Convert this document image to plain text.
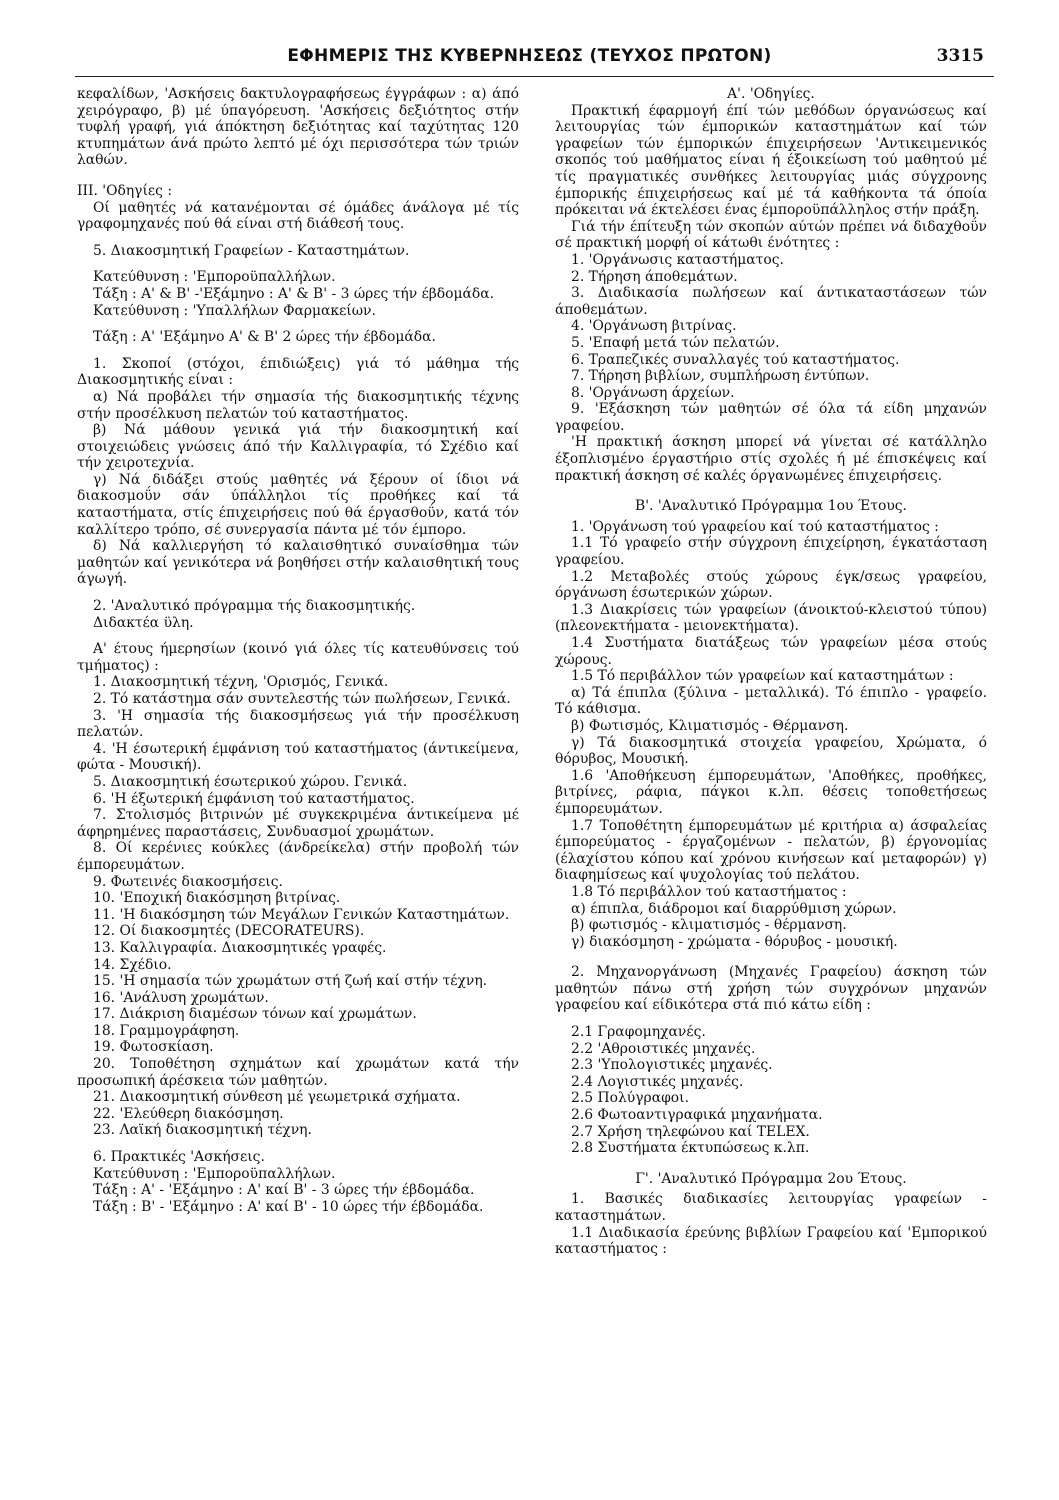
ΕΦΗΜΕΡΙΣ ΤΗΣ ΚΥΒΕΡΝΗΣΕΩΣ (ΤΕΥΧΟΣ ΠΡΩΤΟΝ)	3315

κεφαλίδων, 'Ασκήσεις δακτυλογραφήσεως έγγράφων : α) άπό χειρόγραφο, β) μέ ύπαγόρευση. 'Ασκήσεις δεξιότητος στήν τυφλή γραφή, γιά άπόκτηση δεξιότητας καί ταχύτητας 120 κτυπημάτων άνά πρώτο λεπτό μέ όχι περισσότερα τών τριών λαθών.

ΙΙΙ. 'Οδηγίες :

Οί μαθητές νά κατανέμονται σέ όμάδες άνάλογα μέ τίς γραφομηχανές πού θά είναι στή διάθεσή τους.

5. Διακοσμητική Γραφείων - Καταστημάτων.

Κατεύθυνση : 'Εμποροϋπαλλήλων.

Τάξη : Α' & Β' -'Εξάμηνο : Α' & Β' - 3 ώρες τήν έβδομάδα.

Κατεύθυνση : 'Υπαλλήλων Φαρμακείων.

Τάξη : Α' 'Εξάμηνο Α' & Β' 2 ώρες τήν έβδομάδα.

1. Σκοποί (στόχοι, έπιδιώξεις) γιά τό μάθημα τής Διακοσμητικής είναι :

α) Νά προβάλει τήν σημασία τής διακοσμητικής τέχνης στήν προσέλκυση πελατών τού καταστήματος.

β) Νά μάθουν γενικά γιά τήν διακοσμητική καί στοιχειώδεις γνώσεις άπό τήν Καλλιγραφία, τό Σχέδιο καί τήν χειροτεχνία.

γ) Νά διδάξει στούς μαθητές νά ξέρουν οί ίδιοι νά διακοσμοΰν σάν ύπάλληλοι τίς προθήκες καί τά καταστήματα, στίς έπιχειρήσεις πού θά έργασθοΰν, κατά τόν καλλίτερο τρόπο, σέ συνεργασία πάντα μέ τόν έμπορο.

δ) Νά καλλιεργήση τό καλαισθητικό συναίσθημα τών μαθητών καί γενικότερα νά βοηθήσει στήν καλαισθητική τους άγωγή.

2. 'Αναλυτικό πρόγραμμα τής διακοσμητικής.

Διδακτέα ϋλη.

Α' έτους ήμερησίων (κοινό γιά όλες τίς κατευθύνσεις τού τμήματος) :

1. Διακοσμητική τέχνη, 'Ορισμός, Γενικά.

2. Τό κατάστημα σάν συντελεστής τών πωλήσεων, Γενικά.

3. 'Η σημασία τής διακοσμήσεως γιά τήν προσέλκυση πελατών.

4. 'Η έσωτερική έμφάνιση τού καταστήματος (άντικείμενα, φώτα - Μουσική).

5. Διακοσμητική έσωτερικού χώρου. Γενικά.

6. 'Η έξωτερική έμφάνιση τού καταστήματος.

7. Στολισμός βιτρινών μέ συγκεκριμένα άντικείμενα μέ άφηρημένες παραστάσεις, Συνδυασμοί χρωμάτων.

8. Οί κερένιες κούκλες (άνδρείκελα) στήν προβολή τών έμπορευμάτων.

9. Φωτεινές διακοσμήσεις.

10. 'Εποχική διακόσμηση βιτρίνας.

11. 'Η διακόσμηση τών Μεγάλων Γενικών Καταστημάτων.

12. Οί διακοσμητές (DECORATEURS).

13. Καλλιγραφία. Διακοσμητικές γραφές.

14. Σχέδιο.

15. 'Η σημασία τών χρωμάτων στή ζωή καί στήν τέχνη.

16. 'Ανάλυση χρωμάτων.

17. Διάκριση διαμέσων τόνων καί χρωμάτων.

18. Γραμμογράφηση.

19. Φωτοσκίαση.

20. Τοποθέτηση σχημάτων καί χρωμάτων κατά τήν προσωπική άρέσκεια τών μαθητών.

21. Διακοσμητική σύνθεση μέ γεωμετρικά σχήματα.

22. 'Ελεύθερη διακόσμηση.

23. Λαϊκή διακοσμητική τέχνη.

6. Πρακτικές 'Ασκήσεις.

Κατεύθυνση : 'Εμποροϋπαλλήλων.

Τάξη : Α' - 'Εξάμηνο : Α' καί Β' - 3 ώρες τήν έβδομάδα.

Τάξη : Β' - 'Εξάμηνο : Α' καί Β' - 10 ώρες τήν έβδομάδα.

Α'. 'Οδηγίες.

Πρακτική έφαρμογή έπί τών μεθόδων όργανώσεως καί λειτουργίας τών έμπορικών καταστημάτων καί τών γραφείων τών έμπορικών έπιχειρήσεων 'Αντικειμενικός σκοπός τού μαθήματος είναι ή έξοικείωση τού μαθητού μέ τίς πραγματικές συνθήκες λειτουργίας μιάς σύγχρονης έμπορικής έπιχειρήσεως καί μέ τά καθήκοντα τά όποία πρόκειται νά έκτελέσει ένας έμποροϋπάλληλος στήν πράξη.

Γιά τήν έπίτευξη τών σκοπών αύτών πρέπει νά διδαχθοΰν σέ πρακτική μορφή οί κάτωθι ένότητες :

1. 'Οργάνωσις καταστήματος.

2. Τήρηση άποθεμάτων.

3. Διαδικασία πωλήσεων καί άντικαταστάσεων τών άποθεμάτων.

4. 'Οργάνωση βιτρίνας.

5. 'Επαφή μετά τών πελατών.

6. Τραπεζικές συναλλαγές τού καταστήματος.

7. Τήρηση βιβλίων, συμπλήρωση έντύπων.

8. 'Οργάνωση άρχείων.

9. 'Εξάσκηση τών μαθητών σέ όλα τά είδη μηχανών γραφείου.

'Η πρακτική άσκηση μπορεί νά γίνεται σέ κατάλληλο έξοπλισμένο έργαστήριο στίς σχολές ή μέ έπισκέψεις καί πρακτική άσκηση σέ καλές όργανωμένες έπιχειρήσεις.

Β'. 'Αναλυτικό Πρόγραμμα 1ου Έτους.

1. 'Οργάνωση τού γραφείου καί τού καταστήματος :

1.1 Τό γραφείο στήν σύγχρονη έπιχείρηση, έγκατάσταση γραφείου.

1.2 Μεταβολές στούς χώρους έγκ/σεως γραφείου, όργάνωση έσωτερικών χώρων.

1.3 Διακρίσεις τών γραφείων (άνοικτού-κλειστού τύπου) (πλεονεκτήματα - μειονεκτήματα).

1.4 Συστήματα διατάξεως τών γραφείων μέσα στούς χώρους.

1.5 Τό περιβάλλον τών γραφείων καί καταστημάτων :

α) Τά έπιπλα (ξύλινα - μεταλλικά). Τό έπιπλο - γραφείο. Τό κάθισμα.

β) Φωτισμός, Κλιματισμός - Θέρμανση.

γ) Τά διακοσμητικά στοιχεία γραφείου, Χρώματα, ό θόρυβος, Μουσική.

1.6 'Αποθήκευση έμπορευμάτων, 'Αποθήκες, προθήκες, βιτρίνες, ράφια, πάγκοι κ.λπ. θέσεις τοποθετήσεως έμπορευμάτων.

1.7 Τοποθέτητη έμπορευμάτων μέ κριτήρια α) άσφαλείας έμπορεύματος - έργαζομένων - πελατών, β) έργονομίας (έλαχίστου κόπου καί χρόνου κινήσεων καί μεταφορών) γ) διαφημίσεως καί ψυχολογίας τού πελάτου.

1.8 Τό περιβάλλον τού καταστήματος :

α) έπιπλα, διάδρομοι καί διαρρύθμιση χώρων.

β) φωτισμός - κλιματισμός - θέρμανση.

γ) διακόσμηση - χρώματα - θόρυβος - μουσική.

2. Μηχανοργάνωση (Μηχανές Γραφείου) άσκηση τών μαθητών πάνω στή χρήση τών συγχρόνων μηχανών γραφείου καί είδικότερα στά πιό κάτω είδη :

2.1 Γραφομηχανές.

2.2 'Αθροιστικές μηχανές.

2.3 'Υπολογιστικές μηχανές.

2.4 Λογιστικές μηχανές.

2.5 Πολύγραφοι.

2.6 Φωτοαντιγραφικά μηχανήματα.

2.7 Χρήση τηλεφώνου καί TELEX.

2.8 Συστήματα έκτυπώσεως κ.λπ.

Γ'. 'Αναλυτικό Πρόγραμμα 2ου Έτους.

1. Βασικές διαδικασίες λειτουργίας γραφείων - καταστημάτων.

1.1 Διαδικασία έρεύνης βιβλίων Γραφείου καί 'Εμπορικού καταστήματος :
